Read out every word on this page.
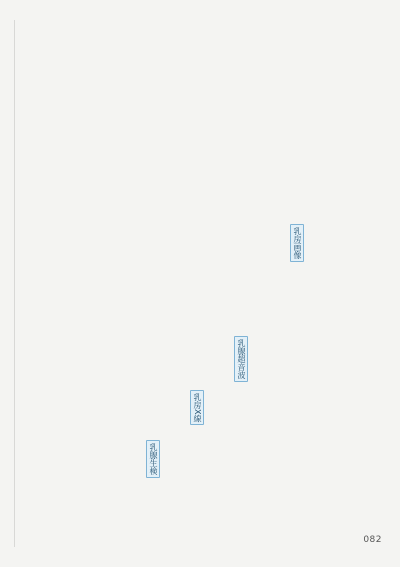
乳房画像
乳腺超音波
乳房X線
乳腺生検
082
